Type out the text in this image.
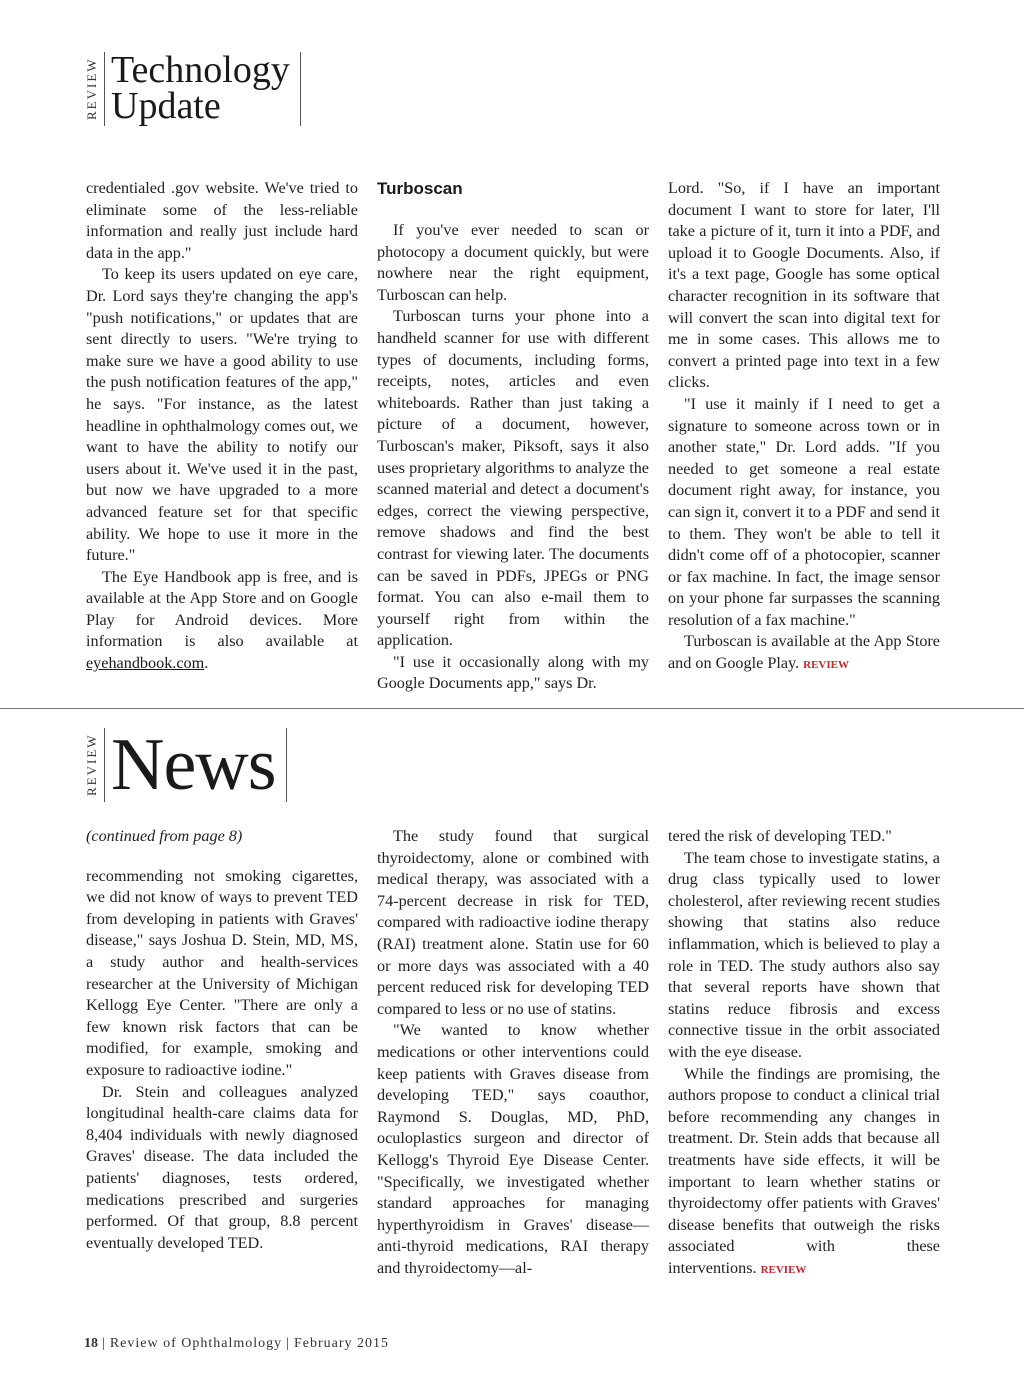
REVIEW Technology
Update

credentialed .gov website. We've tried to eliminate some of the less-reliable information and really just include hard data in the app."

To keep its users updated on eye care, Dr. Lord says they're changing the app's "push notifications," or updates that are sent directly to users. "We're trying to make sure we have a good ability to use the push notification features of the app," he says. "For instance, as the latest headline in ophthalmology comes out, we want to have the ability to notify our users about it. We've used it in the past, but now we have upgraded to a more advanced feature set for that specific ability. We hope to use it more in the future."

The Eye Handbook app is free, and is available at the App Store and on Google Play for Android devices. More information is also available at eyehandbook.com.

Turboscan

If you've ever needed to scan or photocopy a document quickly, but were nowhere near the right equipment, Turboscan can help.

Turboscan turns your phone into a handheld scanner for use with different types of documents, including forms, receipts, notes, articles and even whiteboards. Rather than just taking a picture of a document, however, Turboscan's maker, Piksoft, says it also uses proprietary algorithms to analyze the scanned material and detect a document's edges, correct the viewing perspective, remove shadows and find the best contrast for viewing later. The documents can be saved in PDFs, JPEGs or PNG format. You can also e-mail them to yourself right from within the application.

"I use it occasionally along with my Google Documents app," says Dr.

Lord. "So, if I have an important document I want to store for later, I'll take a picture of it, turn it into a PDF, and upload it to Google Documents. Also, if it's a text page, Google has some optical character recognition in its software that will convert the scan into digital text for me in some cases. This allows me to convert a printed page into text in a few clicks.

"I use it mainly if I need to get a signature to someone across town or in another state," Dr. Lord adds. "If you needed to get someone a real estate document right away, for instance, you can sign it, convert it to a PDF and send it to them. They won't be able to tell it didn't come off of a photocopier, scanner or fax machine. In fact, the image sensor on your phone far surpasses the scanning resolution of a fax machine."

Turboscan is available at the App Store and on Google Play. REVIEW

REVIEW News

(continued from page 8)

recommending not smoking cigarettes, we did not know of ways to prevent TED from developing in patients with Graves' disease," says Joshua D. Stein, MD, MS, a study author and health-services researcher at the University of Michigan Kellogg Eye Center. "There are only a few known risk factors that can be modified, for example, smoking and exposure to radioactive iodine."

Dr. Stein and colleagues analyzed longitudinal health-care claims data for 8,404 individuals with newly diagnosed Graves' disease. The data included the patients' diagnoses, tests ordered, medications prescribed and surgeries performed. Of that group, 8.8 percent eventually developed TED.

The study found that surgical thyroidectomy, alone or combined with medical therapy, was associated with a 74-percent decrease in risk for TED, compared with radioactive iodine therapy (RAI) treatment alone. Statin use for 60 or more days was associated with a 40 percent reduced risk for developing TED compared to less or no use of statins.

"We wanted to know whether medications or other interventions could keep patients with Graves disease from developing TED," says coauthor, Raymond S. Douglas, MD, PhD, oculoplastics surgeon and director of Kellogg's Thyroid Eye Disease Center. "Specifically, we investigated whether standard approaches for managing hyperthyroidism in Graves' disease—anti-thyroid medications, RAI therapy and thyroidectomy—al-

tered the risk of developing TED."

The team chose to investigate statins, a drug class typically used to lower cholesterol, after reviewing recent studies showing that statins also reduce inflammation, which is believed to play a role in TED. The study authors also say that several reports have shown that statins reduce fibrosis and excess connective tissue in the orbit associated with the eye disease.

While the findings are promising, the authors propose to conduct a clinical trial before recommending any changes in treatment. Dr. Stein adds that because all treatments have side effects, it will be important to learn whether statins or thyroidectomy offer patients with Graves' disease benefits that outweigh the risks associated with these interventions. REVIEW

18 | Review of Ophthalmology | February 2015
